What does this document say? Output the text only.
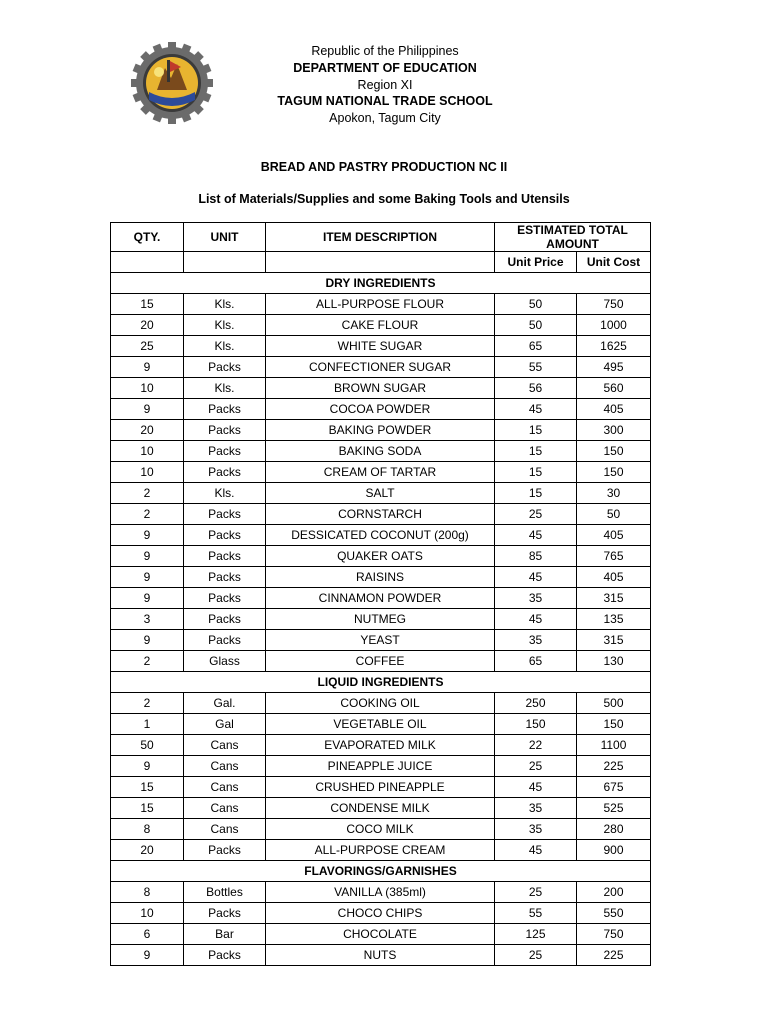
Republic of the Philippines
DEPARTMENT OF EDUCATION
Region XI
TAGUM NATIONAL TRADE SCHOOL
Apokon, Tagum City
BREAD AND PASTRY PRODUCTION NC II
List of Materials/Supplies and some Baking Tools and Utensils
QTY.	UNIT	ITEM DESCRIPTION	ESTIMATED TOTAL AMOUNT	
			Unit Price	Unit Cost
DRY INGREDIENTS				
15	Kls.	ALL-PURPOSE FLOUR	50	750
20	Kls.	CAKE FLOUR	50	1000
25	Kls.	WHITE SUGAR	65	1625
9	Packs	CONFECTIONER SUGAR	55	495
10	Kls.	BROWN SUGAR	56	560
9	Packs	COCOA POWDER	45	405
20	Packs	BAKING POWDER	15	300
10	Packs	BAKING SODA	15	150
10	Packs	CREAM OF TARTAR	15	150
2	Kls.	SALT	15	30
2	Packs	CORNSTARCH	25	50
9	Packs	DESSICATED COCONUT (200g)	45	405
9	Packs	QUAKER OATS	85	765
9	Packs	RAISINS	45	405
9	Packs	CINNAMON POWDER	35	315
3	Packs	NUTMEG	45	135
9	Packs	YEAST	35	315
2	Glass	COFFEE	65	130
LIQUID INGREDIENTS				
2	Gal.	COOKING OIL	250	500
1	Gal	VEGETABLE OIL	150	150
50	Cans	EVAPORATED MILK	22	1100
9	Cans	PINEAPPLE JUICE	25	225
15	Cans	CRUSHED PINEAPPLE	45	675
15	Cans	CONDENSE MILK	35	525
8	Cans	COCO MILK	35	280
20	Packs	ALL-PURPOSE CREAM	45	900
FLAVORINGS/GARNISHES				
8	Bottles	VANILLA (385ml)	25	200
10	Packs	CHOCO CHIPS	55	550
6	Bar	CHOCOLATE	125	750
9	Packs	NUTS	25	225
